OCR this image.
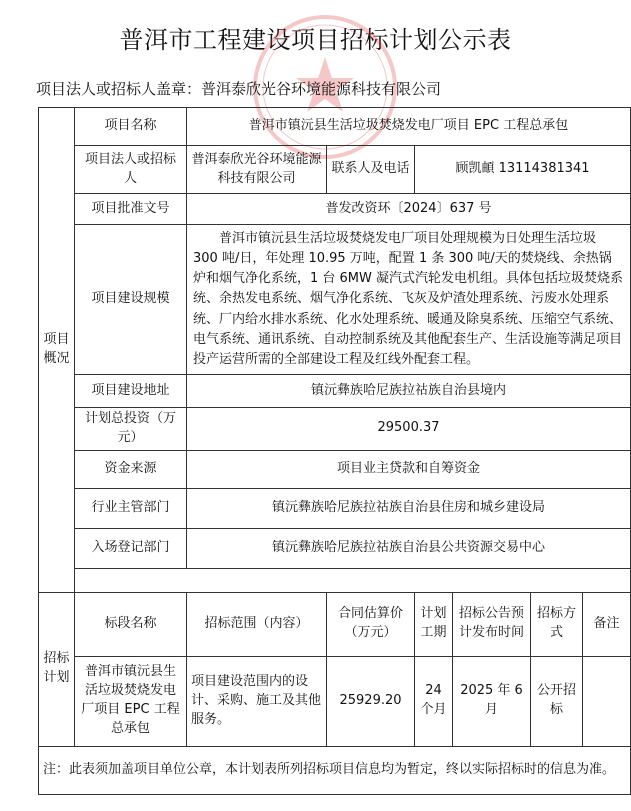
普洱市工程建设项目招标计划公示表
项目法人或招标人盖章：普洱泰欣光谷环境能源科技有限公司
项目概况	项目名称	普洱市镇沅县生活垃圾焚烧发电厂项目 EPC 工程总承包					
	项目法人或招标人	普洱泰欣光谷环境能源科技有限公司	联系人及电话	顾凯頔 13114381341			
	项目批准文号	普发改资环〔2024〕637 号					
	项目建设规模	普洱市镇沅县生活垃圾焚烧发电厂项目处理规模为日处理生活垃圾 300 吨/日，年处理 10.95 万吨，配置 1 条 300 吨/天的焚烧线、余热锅炉和烟气净化系统，1 台 6MW 凝汽式汽轮发电机组。具体包括垃圾焚烧系统、余热发电系统、烟气净化系统、飞灰及炉渣处理系统、污废水处理系统、厂内给水排水系统、化水处理系统、暖通及除臭系统、压缩空气系统、电气系统、通讯系统、自动控制系统及其他配套生产、生活设施等满足项目投产运营所需的全部建设工程及红线外配套工程。					
	项目建设地址	镇沅彝族哈尼族拉祜族自治县境内					
	计划总投资（万元）	29500.37					
	资金来源	项目业主贷款和自筹资金					
	行业主管部门	镇沅彝族哈尼族拉祜族自治县住房和城乡建设局					
	入场登记部门	镇沅彝族哈尼族拉祜族自治县公共资源交易中心					

招标计划	标段名称	招标范围（内容）	合同估算价（万元）	计划工期	招标公告预计发布时间	招标方式	备注
	普洱市镇沅县生活垃圾焚烧发电厂项目 EPC 工程总承包	项目建设范围内的设计、采购、施工及其他服务。	25929.20	24 个月	2025 年 6 月	公开招标	
注：此表须加盖项目单位公章，本计划表所列招标项目信息均为暂定，终以实际招标时的信息为准。							
